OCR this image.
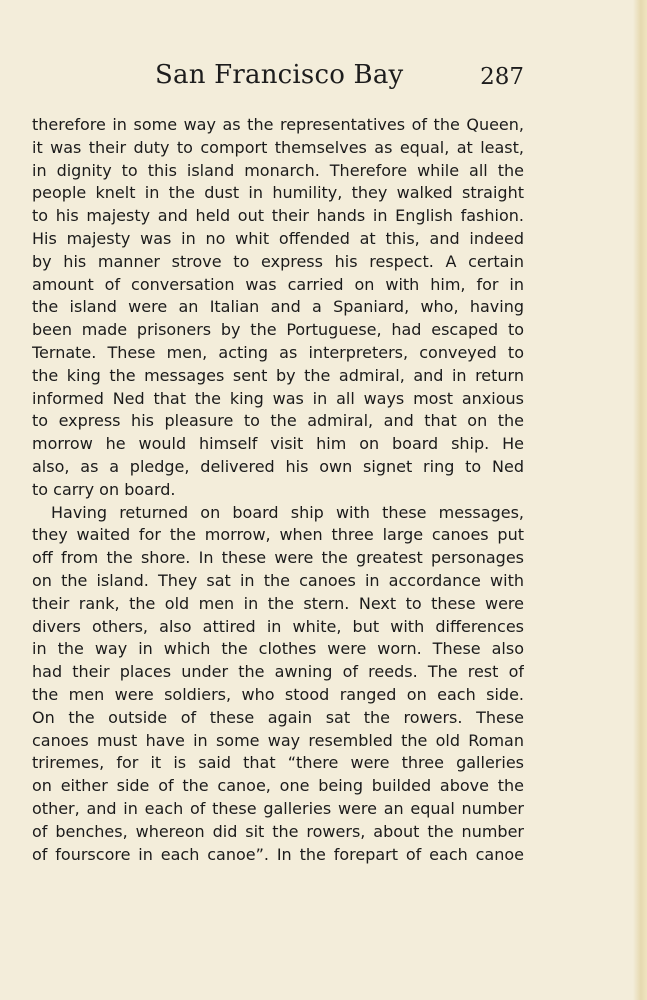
San Francisco Bay	287
therefore in some way as the representatives of the Queen,
it was their duty to comport themselves as equal, at least,
in dignity to this island monarch. Therefore while all the
people knelt in the dust in humility, they walked straight
to his majesty and held out their hands in English fashion.
His majesty was in no whit offended at this, and indeed
by his manner strove to express his respect. A certain
amount of conversation was carried on with him, for in
the island were an Italian and a Spaniard, who, having
been made prisoners by the Portuguese, had escaped to
Ternate. These men, acting as interpreters, conveyed to
the king the messages sent by the admiral, and in return
informed Ned that the king was in all ways most anxious
to express his pleasure to the admiral, and that on the
morrow he would himself visit him on board ship. He
also, as a pledge, delivered his own signet ring to Ned
to carry on board.
Having returned on board ship with these messages,
they waited for the morrow, when three large canoes put
off from the shore. In these were the greatest personages
on the island. They sat in the canoes in accordance with
their rank, the old men in the stern. Next to these were
divers others, also attired in white, but with differences
in the way in which the clothes were worn. These also
had their places under the awning of reeds. The rest of
the men were soldiers, who stood ranged on each side.
On the outside of these again sat the rowers. These
canoes must have in some way resembled the old Roman
triremes, for it is said that “there were three galleries
on either side of the canoe, one being builded above the
other, and in each of these galleries were an equal number
of benches, whereon did sit the rowers, about the number
of fourscore in each canoe”. In the forepart of each canoe
